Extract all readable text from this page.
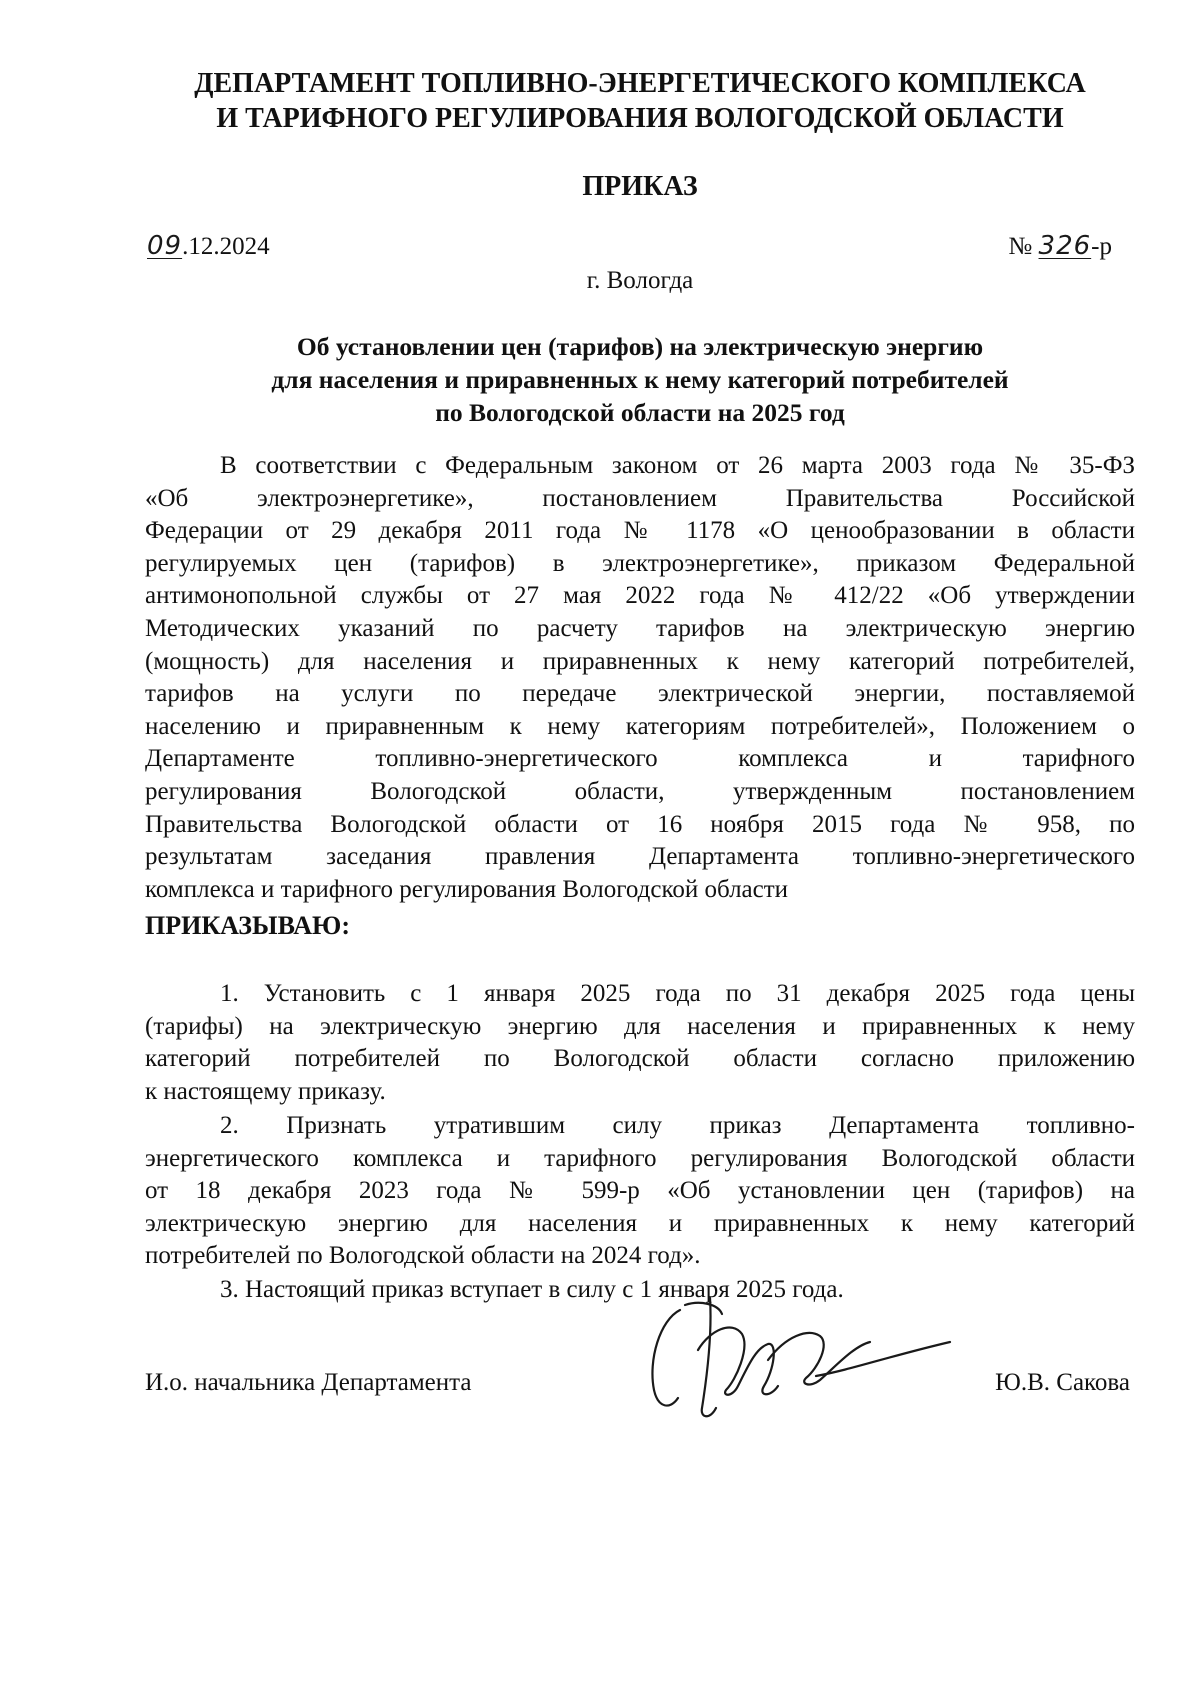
ДЕПАРТАМЕНТ ТОПЛИВНО-ЭНЕРГЕТИЧЕСКОГО КОМПЛЕКСА
И ТАРИФНОГО РЕГУЛИРОВАНИЯ ВОЛОГОДСКОЙ ОБЛАСТИ
ПРИКАЗ
09.12.2024	№ 326-р
г. Вологда
Об установлении цен (тарифов) на электрическую энергию
для населения и приравненных к нему категорий потребителей
по Вологодской области на 2025 год
В соответствии с Федеральным законом от 26 марта 2003 года № 35-ФЗ
«Об электроэнергетике», постановлением Правительства Российской
Федерации от 29 декабря 2011 года № 1178 «О ценообразовании в области
регулируемых цен (тарифов) в электроэнергетике», приказом Федеральной
антимонопольной службы от 27 мая 2022 года № 412/22 «Об утверждении
Методических указаний по расчету тарифов на электрическую энергию
(мощность) для населения и приравненных к нему категорий потребителей,
тарифов на услуги по передаче электрической энергии, поставляемой
населению и приравненным к нему категориям потребителей», Положением о
Департаменте топливно-энергетического комплекса и тарифного
регулирования Вологодской области, утвержденным постановлением
Правительства Вологодской области от 16 ноября 2015 года № 958, по
результатам заседания правления Департамента топливно-энергетического
комплекса и тарифного регулирования Вологодской области
ПРИКАЗЫВАЮ:
1. Установить с 1 января 2025 года по 31 декабря 2025 года цены
(тарифы) на электрическую энергию для населения и приравненных к нему
категорий потребителей по Вологодской области согласно приложению
к настоящему приказу.
2. Признать утратившим силу приказ Департамента топливно-
энергетического комплекса и тарифного регулирования Вологодской области
от 18 декабря 2023 года № 599-р «Об установлении цен (тарифов) на
электрическую энергию для населения и приравненных к нему категорий
потребителей по Вологодской области на 2024 год».
3. Настоящий приказ вступает в силу с 1 января 2025 года.
И.о. начальника Департамента	Ю.В. Сакова
